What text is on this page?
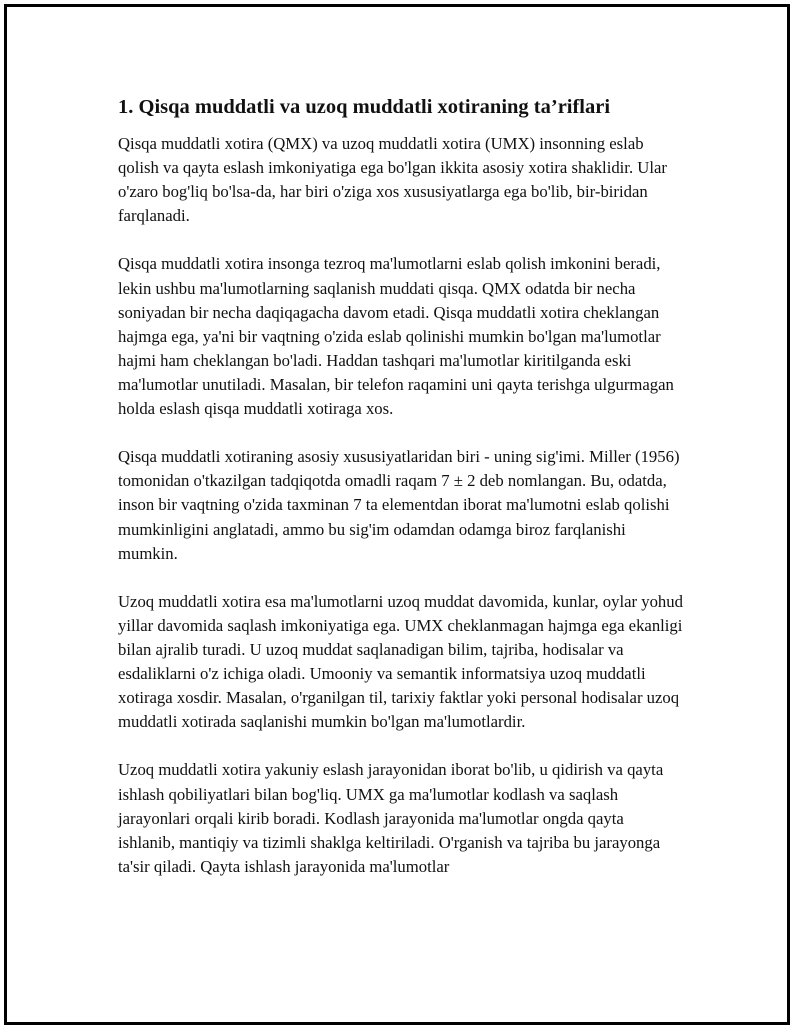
1. Qisqa muddatli va uzoq muddatli xotiraning ta’riflari

Qisqa muddatli xotira (QMX) va uzoq muddatli xotira (UMX) insonning eslab qolish va qayta eslash imkoniyatiga ega bo'lgan ikkita asosiy xotira shaklidir. Ular o'zaro bog'liq bo'lsa-da, har biri o'ziga xos xususiyatlarga ega bo'lib, bir-biridan farqlanadi.

Qisqa muddatli xotira insonga tezroq ma'lumotlarni eslab qolish imkonini beradi, lekin ushbu ma'lumotlarning saqlanish muddati qisqa. QMX odatda bir necha soniyadan bir necha daqiqagacha davom etadi. Qisqa muddatli xotira cheklangan hajmga ega, ya'ni bir vaqtning o'zida eslab qolinishi mumkin bo'lgan ma'lumotlar hajmi ham cheklangan bo'ladi. Haddan tashqari ma'lumotlar kiritilganda eski ma'lumotlar unutiladi. Masalan, bir telefon raqamini uni qayta terishga ulgurmagan holda eslash qisqa muddatli xotiraga xos.

Qisqa muddatli xotiraning asosiy xususiyatlaridan biri - uning sig'imi. Miller (1956) tomonidan o'tkazilgan tadqiqotda omadli raqam 7 ± 2 deb nomlangan. Bu, odatda, inson bir vaqtning o'zida taxminan 7 ta elementdan iborat ma'lumotni eslab qolishi mumkinligini anglatadi, ammo bu sig'im odamdan odamga biroz farqlanishi mumkin.

Uzoq muddatli xotira esa ma'lumotlarni uzoq muddat davomida, kunlar, oylar yohud yillar davomida saqlash imkoniyatiga ega. UMX cheklanmagan hajmga ega ekanligi bilan ajralib turadi. U uzoq muddat saqlanadigan bilim, tajriba, hodisalar va esdaliklarni o'z ichiga oladi. Umooniy va semantik informatsiya uzoq muddatli xotiraga xosdir. Masalan, o'rganilgan til, tarixiy faktlar yoki personal hodisalar uzoq muddatli xotirada saqlanishi mumkin bo'lgan ma'lumotlardir.

Uzoq muddatli xotira yakuniy eslash jarayonidan iborat bo'lib, u qidirish va qayta ishlash qobiliyatlari bilan bog'liq. UMX ga ma'lumotlar kodlash va saqlash jarayonlari orqali kirib boradi. Kodlash jarayonida ma'lumotlar ongda qayta ishlanib, mantiqiy va tizimli shaklga keltiriladi. O'rganish va tajriba bu jarayonga ta'sir qiladi. Qayta ishlash jarayonida ma'lumotlar
